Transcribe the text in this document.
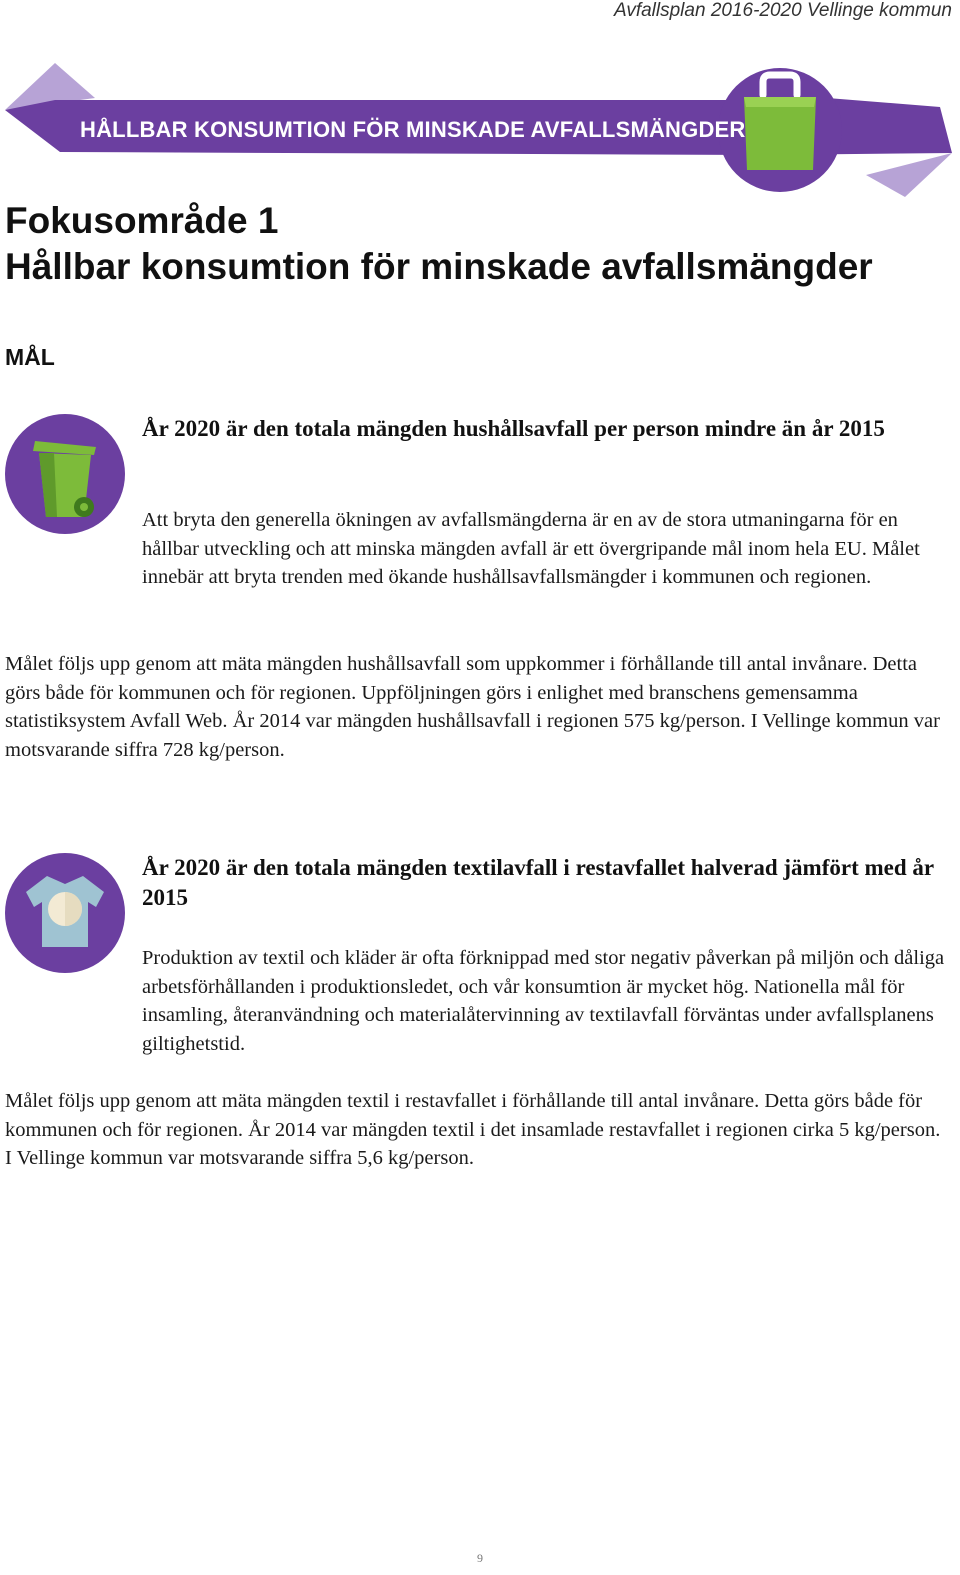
Avfallsplan 2016-2020 Vellinge kommun
HÅLLBAR KONSUMTION FÖR MINSKADE AVFALLSMÄNGDER
Fokusområde 1
Hållbar konsumtion för minskade avfallsmängder
MÅL
År 2020 är den totala mängden hushållsavfall per person mindre än år 2015

Att bryta den generella ökningen av avfallsmängderna är en av de stora utmaningarna för en hållbar utveckling och att minska mängden avfall är ett övergripande mål inom hela EU. Målet innebär att bryta trenden med ökande hushållsavfallsmängder i kommunen och regionen.

Målet följs upp genom att mäta mängden hushållsavfall som uppkommer i förhållande till antal invånare. Detta görs både för kommunen och för regionen. Uppföljningen görs i enlighet med branschens gemensamma statistiksystem Avfall Web. År 2014 var mängden hushållsavfall i regionen 575 kg/person. I Vellinge kommun var motsvarande siffra 728 kg/person.

År 2020 är den totala mängden textilavfall i restavfallet halverad jämfört med år 2015

Produktion av textil och kläder är ofta förknippad med stor negativ påverkan på miljön och dåliga arbetsförhållanden i produktionsledet, och vår konsumtion är mycket hög. Nationella mål för insamling, återanvändning och materialåtervinning av textilavfall förväntas under avfallsplanens giltighetstid.

Målet följs upp genom att mäta mängden textil i restavfallet i förhållande till antal invånare. Detta görs både för kommunen och för regionen. År 2014 var mängden textil i det insamlade restavfallet i regionen cirka 5 kg/person. I Vellinge kommun var motsvarande siffra 5,6 kg/person.

9
